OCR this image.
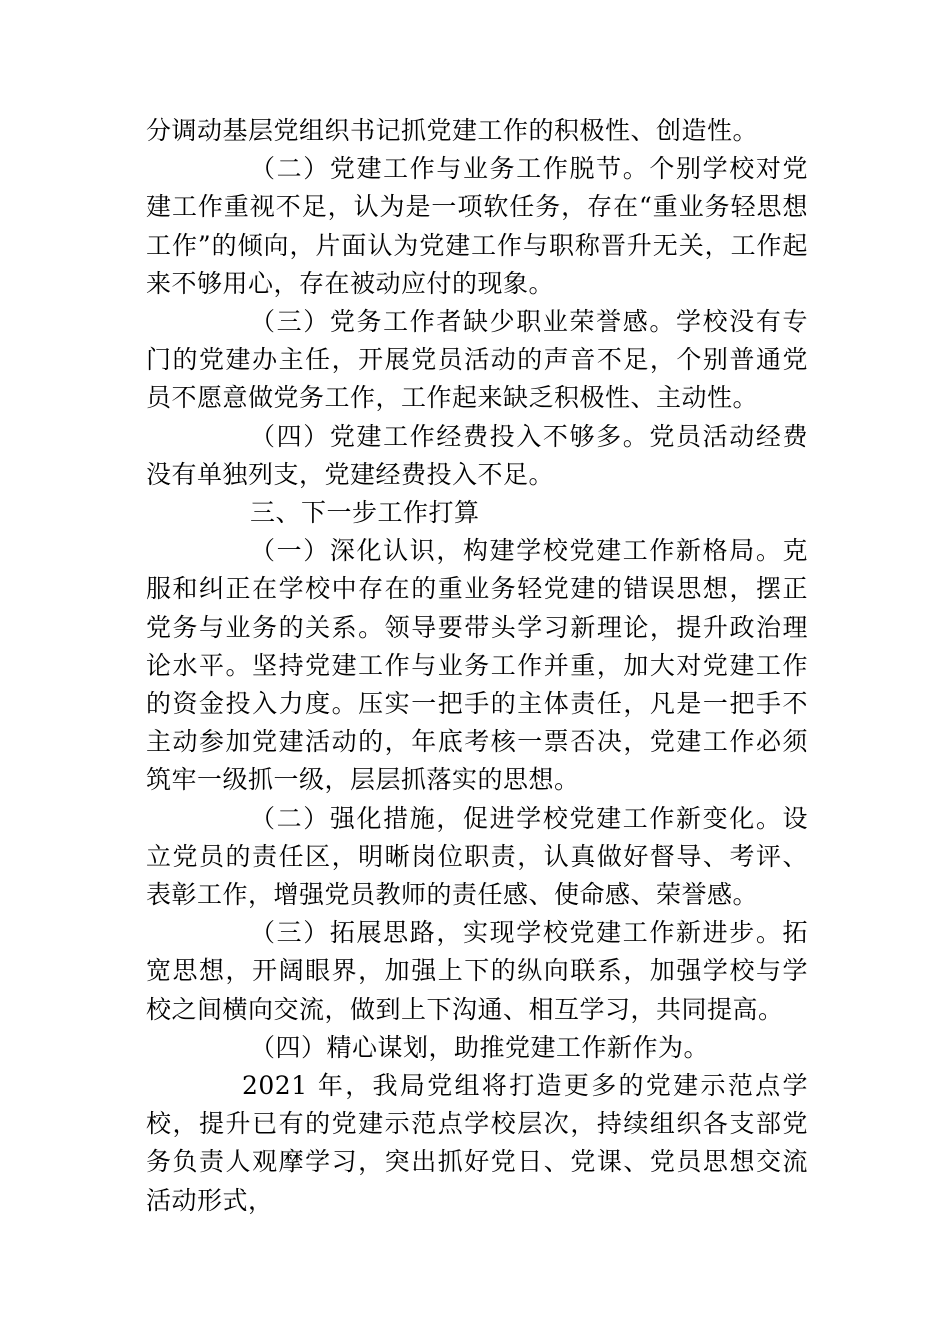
分调动基层党组织书记抓党建工作的积极性、创造性。

（二）党建工作与业务工作脱节。个别学校对党建工作重视不足，认为是一项软任务，存在“重业务轻思想工作”的倾向，片面认为党建工作与职称晋升无关，工作起来不够用心，存在被动应付的现象。

（三）党务工作者缺少职业荣誉感。学校没有专门的党建办主任，开展党员活动的声音不足，个别普通党员不愿意做党务工作，工作起来缺乏积极性、主动性。

（四）党建工作经费投入不够多。党员活动经费没有单独列支，党建经费投入不足。

三、下一步工作打算

（一）深化认识，构建学校党建工作新格局。克服和纠正在学校中存在的重业务轻党建的错误思想，摆正党务与业务的关系。领导要带头学习新理论，提升政治理论水平。坚持党建工作与业务工作并重，加大对党建工作的资金投入力度。压实一把手的主体责任，凡是一把手不主动参加党建活动的，年底考核一票否决，党建工作必须筑牢一级抓一级，层层抓落实的思想。

（二）强化措施，促进学校党建工作新变化。设立党员的责任区，明晰岗位职责，认真做好督导、考评、表彰工作，增强党员教师的责任感、使命感、荣誉感。

（三）拓展思路，实现学校党建工作新进步。拓宽思想，开阔眼界，加强上下的纵向联系，加强学校与学校之间横向交流，做到上下沟通、相互学习，共同提高。

（四）精心谋划，助推党建工作新作为。

2021 年，我局党组将打造更多的党建示范点学校，提升已有的党建示范点学校层次，持续组织各支部党务负责人观摩学习，突出抓好党日、党课、党员思想交流活动形式，
